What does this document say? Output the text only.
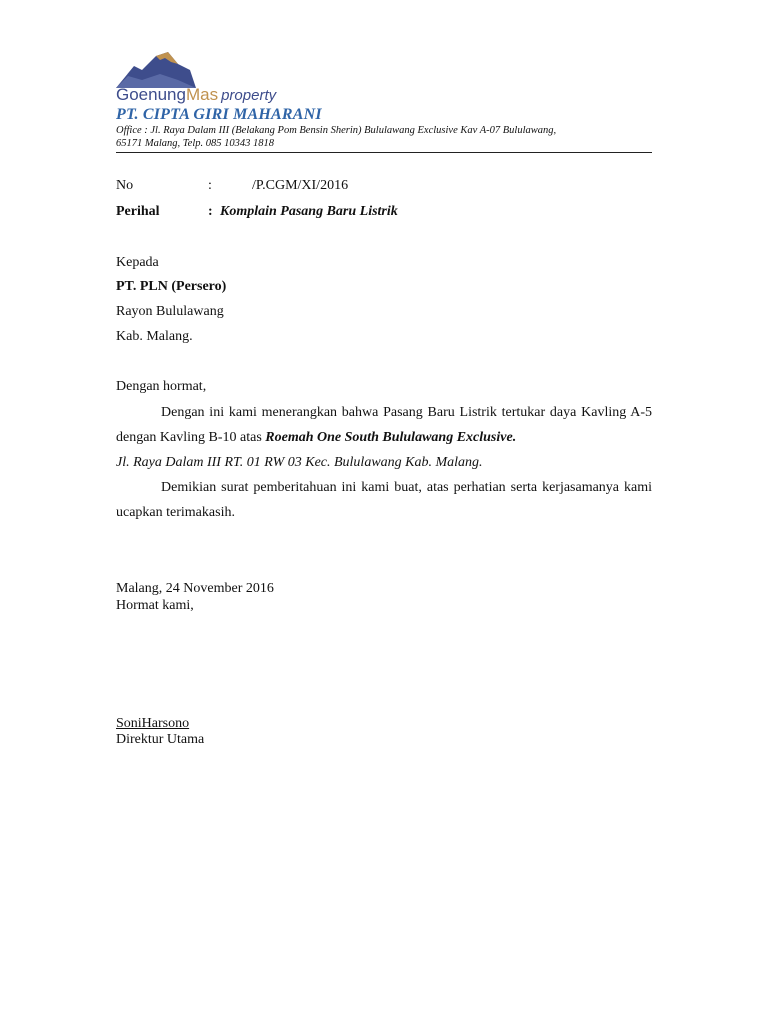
GoenungMas property
PT. CIPTA GIRI MAHARANI
Office : Jl. Raya Dalam III (Belakang Pom Bensin Sherin) Bululawang Exclusive Kav A-07 Bululawang,
65171 Malang, Telp. 085 10343 1818
No	:	/P.CGM/XI/2016
Perihal	: Komplain Pasang Baru Listrik
Kepada
PT. PLN (Persero)
Rayon Bululawang
Kab. Malang.
Dengan hormat,
Dengan ini kami menerangkan bahwa Pasang Baru Listrik tertukar daya Kavling A-5 dengan Kavling B-10 atas Roemah One South Bululawang Exclusive.
Jl. Raya Dalam III RT. 01 RW 03 Kec. Bululawang Kab. Malang.
Demikian surat pemberitahuan ini kami buat, atas perhatian serta kerjasamanya kami ucapkan terimakasih.
Malang, 24 November 2016
Hormat kami,
SoniHarsono
Direktur Utama
